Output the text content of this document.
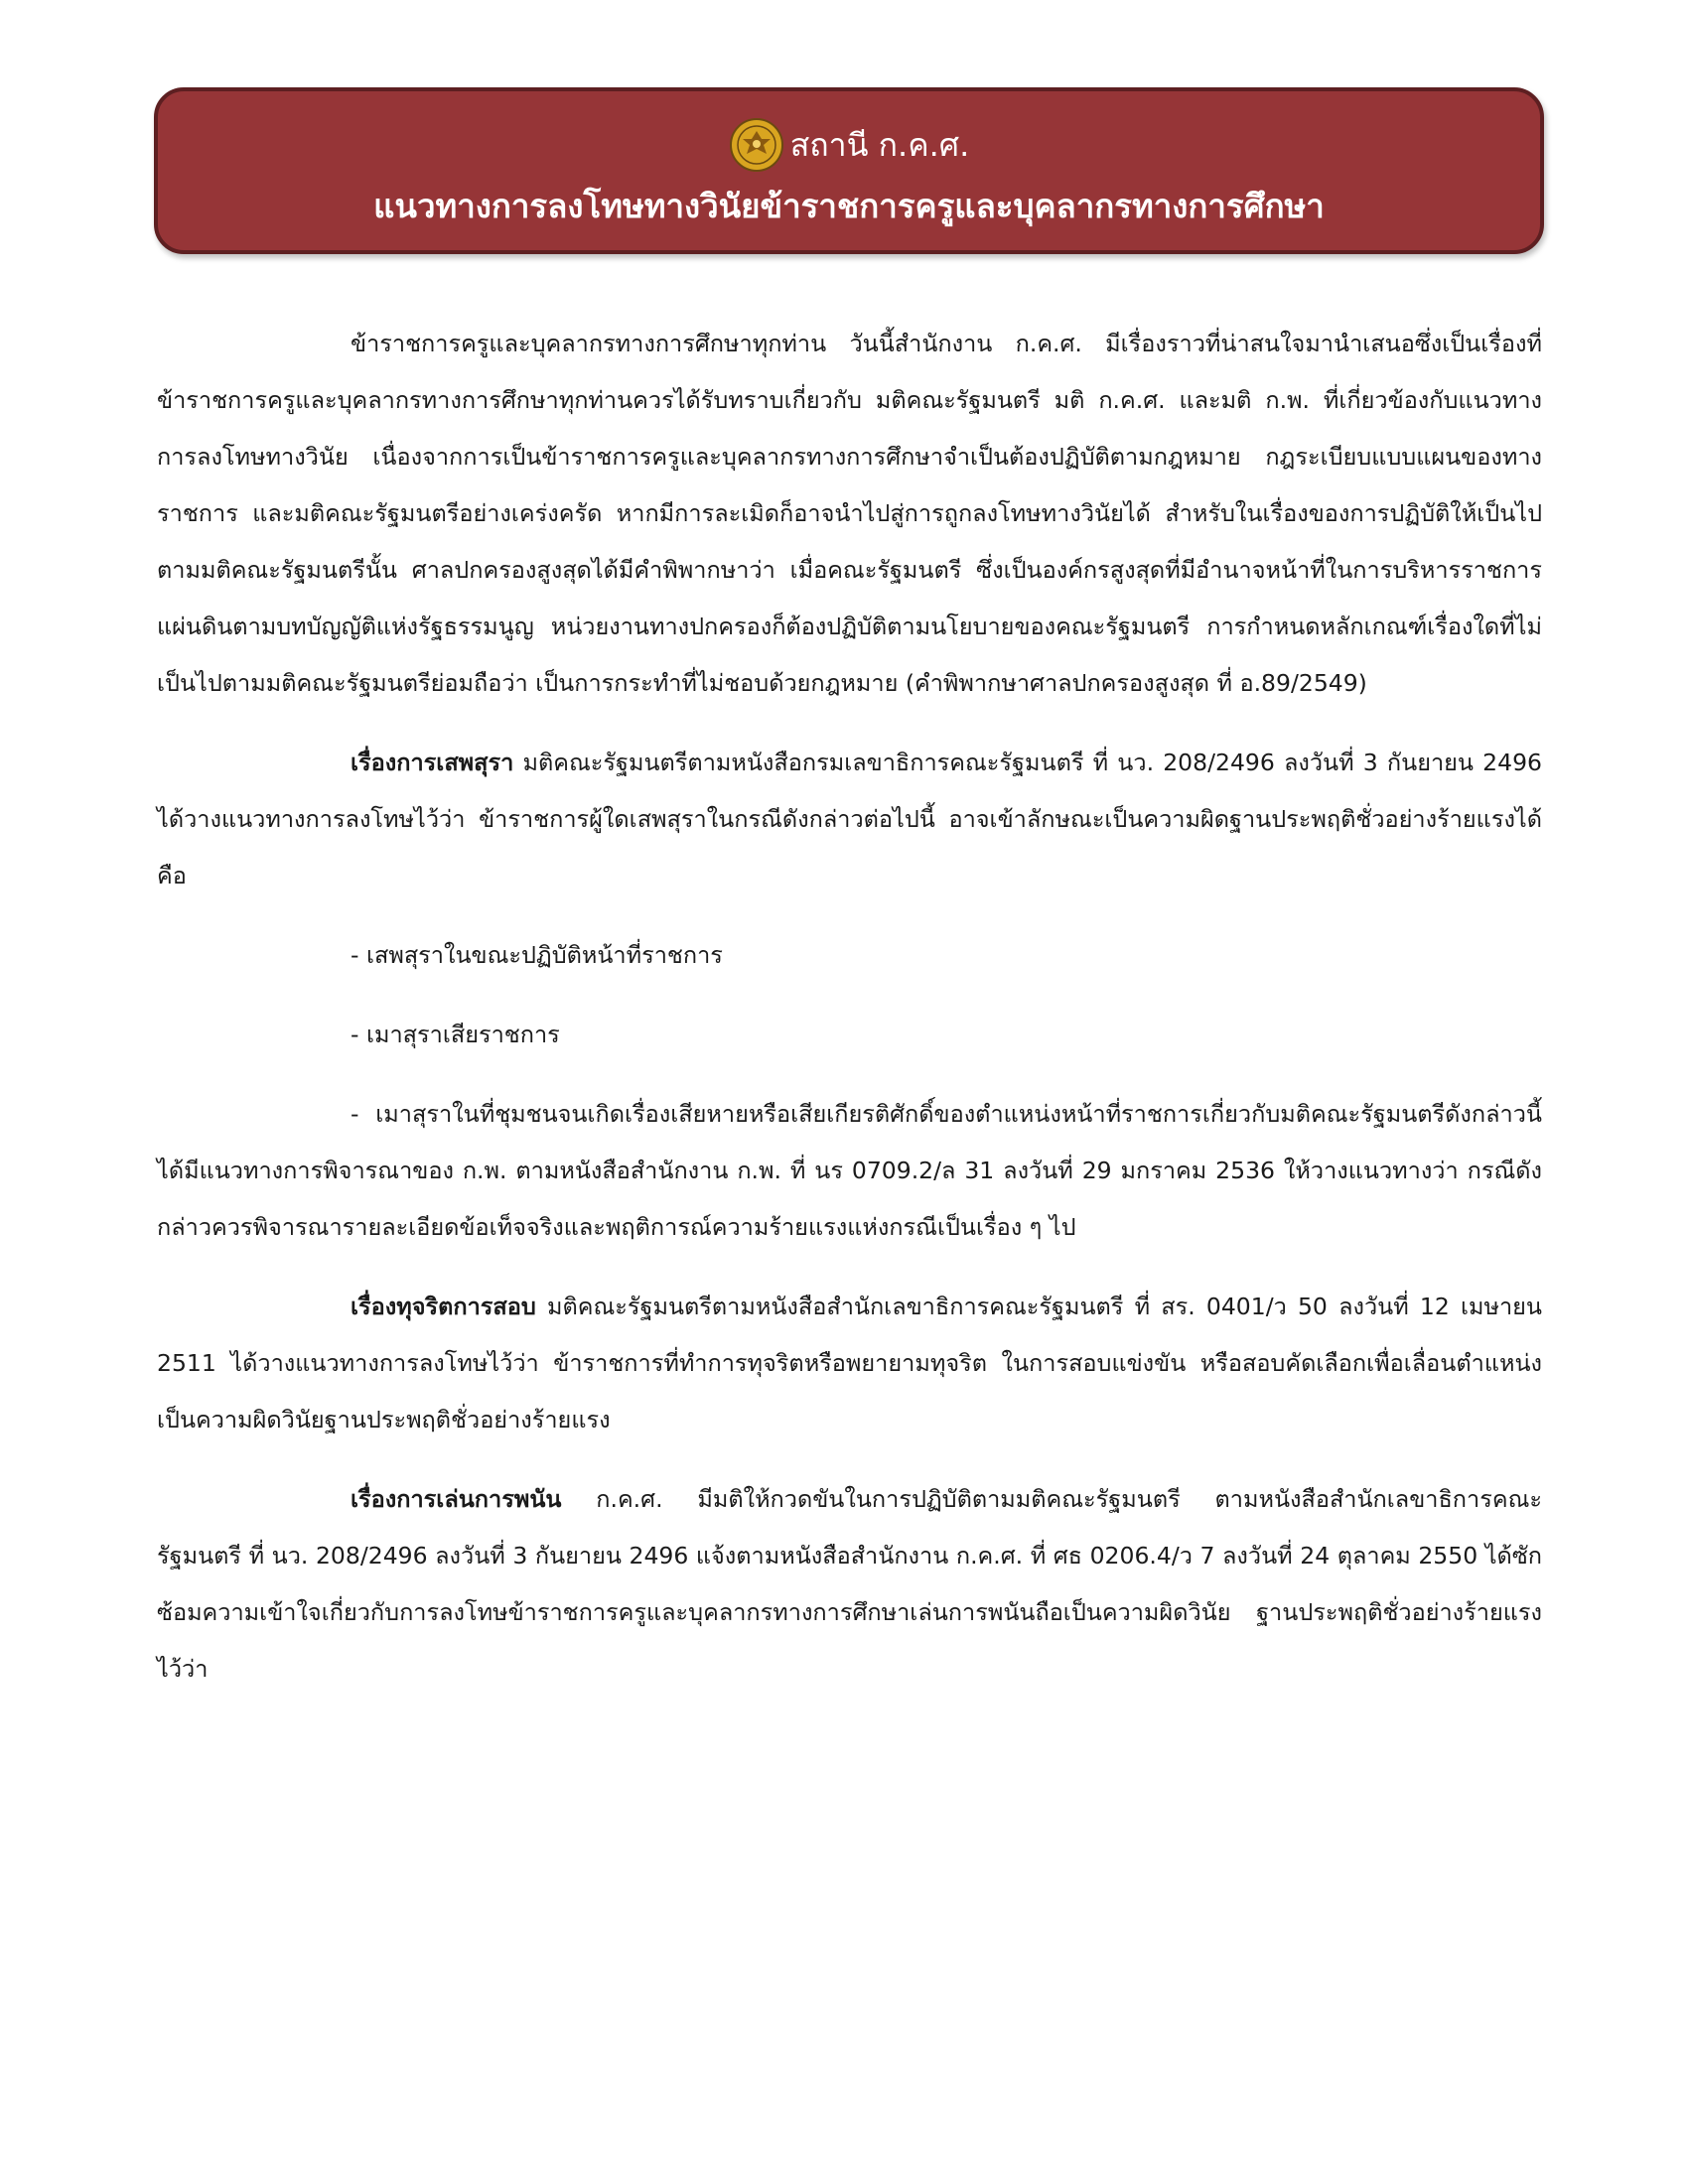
สถานี ก.ค.ศ.
แนวทางการลงโทษทางวินัยข้าราชการครูและบุคลากรทางการศึกษา

ข้าราชการครูและบุคลากรทางการศึกษาทุกท่าน วันนี้สำนักงาน ก.ค.ศ. มีเรื่องราวที่น่าสนใจมานำเสนอซึ่งเป็นเรื่องที่ข้าราชการครูและบุคลากรทางการศึกษาทุกท่านควรได้รับทราบเกี่ยวกับ มติคณะรัฐมนตรี มติ ก.ค.ศ. และมติ ก.พ. ที่เกี่ยวข้องกับแนวทางการลงโทษทางวินัย เนื่องจากการเป็นข้าราชการครูและบุคลากรทางการศึกษาจำเป็นต้องปฏิบัติตามกฎหมาย กฎระเบียบแบบแผนของทางราชการ และมติคณะรัฐมนตรีอย่างเคร่งครัด หากมีการละเมิดก็อาจนำไปสู่การถูกลงโทษทางวินัยได้ สำหรับในเรื่องของการปฏิบัติให้เป็นไปตามมติคณะรัฐมนตรีนั้น ศาลปกครองสูงสุดได้มีคำพิพากษาว่า เมื่อคณะรัฐมนตรี ซึ่งเป็นองค์กรสูงสุดที่มีอำนาจหน้าที่ในการบริหารราชการแผ่นดินตามบทบัญญัติแห่งรัฐธรรมนูญ หน่วยงานทางปกครองก็ต้องปฏิบัติตามนโยบายของคณะรัฐมนตรี การกำหนดหลักเกณฑ์เรื่องใดที่ไม่เป็นไปตามมติคณะรัฐมนตรีย่อมถือว่า เป็นการกระทำที่ไม่ชอบด้วยกฎหมาย (คำพิพากษาศาลปกครองสูงสุด ที่ อ.89/2549)

เรื่องการเสพสุรา มติคณะรัฐมนตรีตามหนังสือกรมเลขาธิการคณะรัฐมนตรี ที่ นว. 208/2496 ลงวันที่ 3 กันยายน 2496 ได้วางแนวทางการลงโทษไว้ว่า ข้าราชการผู้ใดเสพสุราในกรณีดังกล่าวต่อไปนี้ อาจเข้าลักษณะเป็นความผิดฐานประพฤติชั่วอย่างร้ายแรงได้ คือ

- เสพสุราในขณะปฏิบัติหน้าที่ราชการ

- เมาสุราเสียราชการ

- เมาสุราในที่ชุมชนจนเกิดเรื่องเสียหายหรือเสียเกียรติศักดิ์ของตำแหน่งหน้าที่ราชการเกี่ยวกับมติคณะรัฐมนตรีดังกล่าวนี้ ได้มีแนวทางการพิจารณาของ ก.พ. ตามหนังสือสำนักงาน ก.พ. ที่ นร 0709.2/ล 31 ลงวันที่ 29 มกราคม 2536 ให้วางแนวทางว่า กรณีดังกล่าวควรพิจารณารายละเอียดข้อเท็จจริงและพฤติการณ์ความร้ายแรงแห่งกรณีเป็นเรื่อง ๆ ไป

เรื่องทุจริตการสอบ มติคณะรัฐมนตรีตามหนังสือสำนักเลขาธิการคณะรัฐมนตรี ที่ สร. 0401/ว 50 ลงวันที่ 12 เมษายน 2511 ได้วางแนวทางการลงโทษไว้ว่า ข้าราชการที่ทำการทุจริตหรือพยายามทุจริต ในการสอบแข่งขัน หรือสอบคัดเลือกเพื่อเลื่อนตำแหน่งเป็นความผิดวินัยฐานประพฤติชั่วอย่างร้ายแรง

เรื่องการเล่นการพนัน ก.ค.ศ. มีมติให้กวดขันในการปฏิบัติตามมติคณะรัฐมนตรี ตามหนังสือสำนักเลขาธิการคณะรัฐมนตรี ที่ นว. 208/2496 ลงวันที่ 3 กันยายน 2496 แจ้งตามหนังสือสำนักงาน ก.ค.ศ. ที่ ศธ 0206.4/ว 7 ลงวันที่ 24 ตุลาคม 2550 ได้ซักซ้อมความเข้าใจเกี่ยวกับการลงโทษข้าราชการครูและบุคลากรทางการศึกษาเล่นการพนันถือเป็นความผิดวินัย ฐานประพฤติชั่วอย่างร้ายแรง ไว้ว่า
